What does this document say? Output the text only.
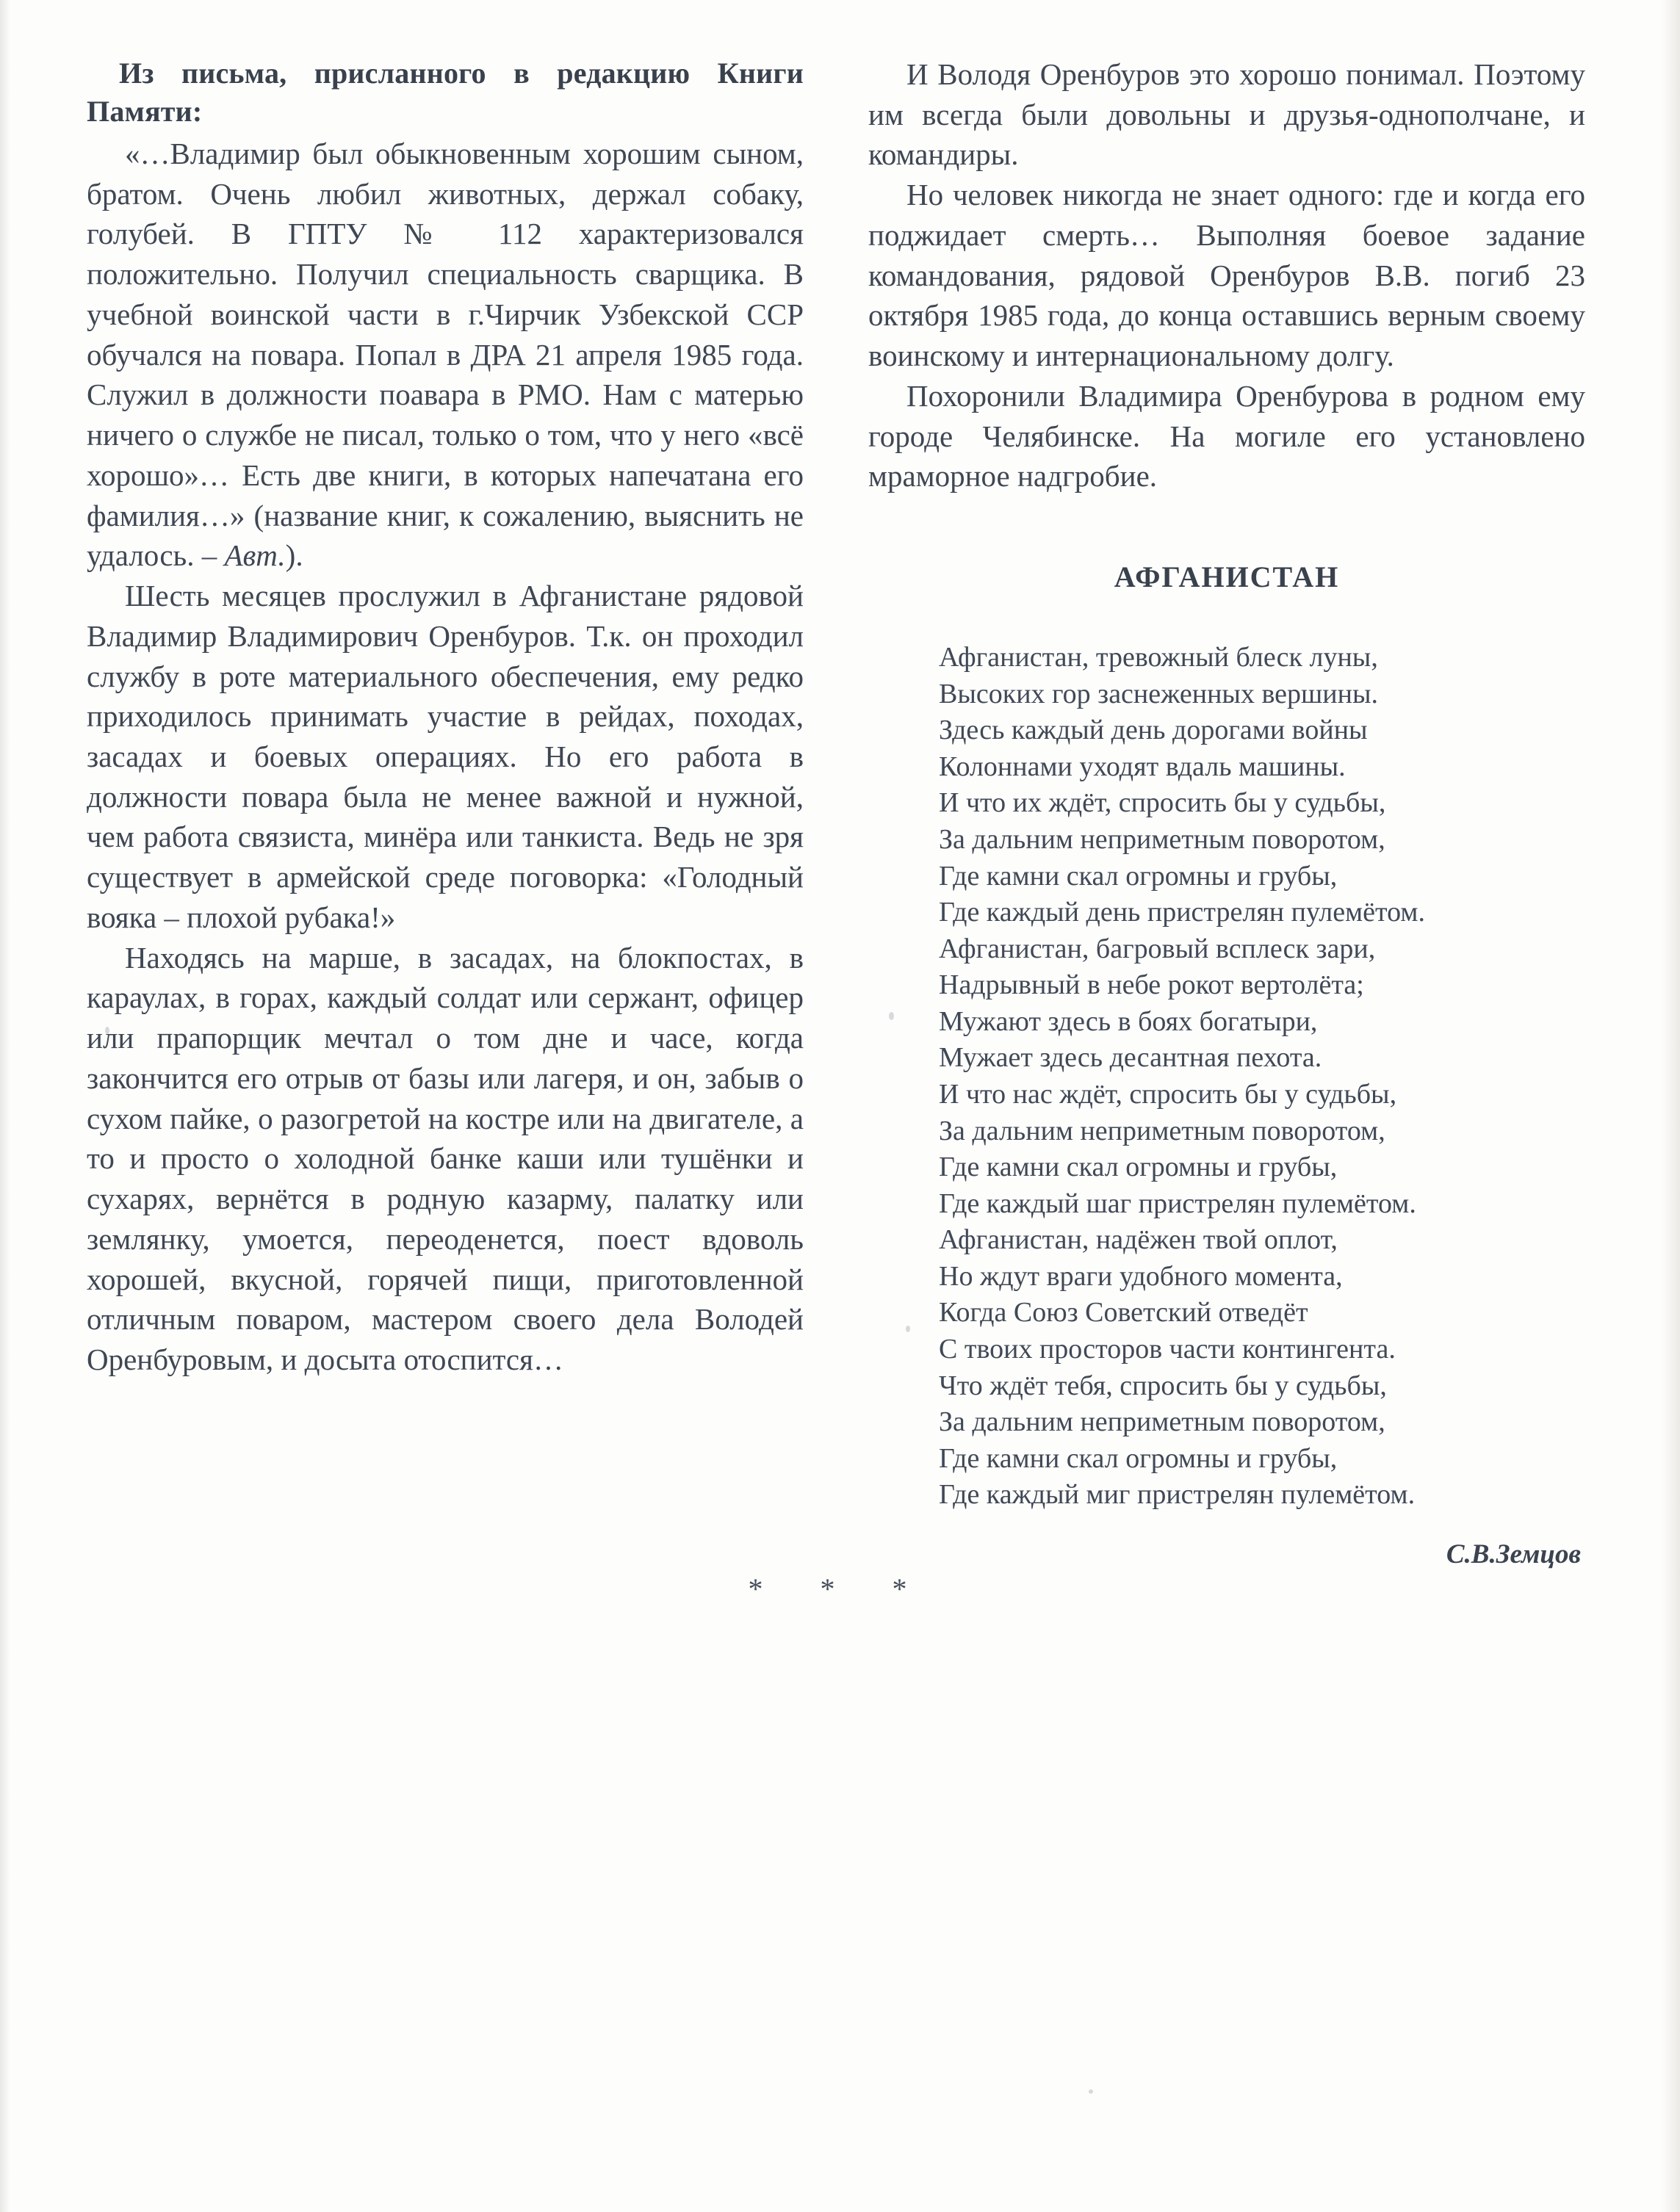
Из письма, присланного в редакцию Книги Памяти:

«…Владимир был обыкновенным хорошим сыном, братом. Очень любил животных, держал собаку, голубей. В ГПТУ № 112 характеризовался положительно. Получил специальность сварщика. В учебной воинской части в г.Чирчик Узбекской ССР обучался на повара. Попал в ДРА 21 апреля 1985 года. Служил в должности поавара в РМО. Нам с матерью ничего о службе не писал, только о том, что у него «всё хорошо»… Есть две книги, в которых напечатана его фамилия…» (название книг, к сожалению, выяснить не удалось. – Авт.).

Шесть месяцев прослужил в Афганистане рядовой Владимир Владимирович Оренбуров. Т.к. он проходил службу в роте материального обеспечения, ему редко приходилось принимать участие в рейдах, походах, засадах и боевых операциях. Но его работа в должности повара была не менее важной и нужной, чем работа связиста, минёра или танкиста. Ведь не зря существует в армейской среде поговорка: «Голодный вояка – плохой рубака!»

Находясь на марше, в засадах, на блокпостах, в караулах, в горах, каждый солдат или сержант, офицер или прапорщик мечтал о том дне и часе, когда закончится его отрыв от базы или лагеря, и он, забыв о сухом пайке, о разогретой на костре или на двигателе, а то и просто о холодной банке каши или тушёнки и сухарях, вернётся в родную казарму, палатку или землянку, умоется, переоденется, поест вдоволь хорошей, вкусной, горячей пищи, приготовленной отличным поваром, мастером своего дела Володей Оренбуровым, и досыта отоспится…

И Володя Оренбуров это хорошо понимал. Поэтому им всегда были довольны и друзья-однополчане, и командиры.

Но человек никогда не знает одного: где и когда его поджидает смерть… Выполняя боевое задание командования, рядовой Оренбуров В.В. погиб 23 октября 1985 года, до конца оставшись верным своему воинскому и интернациональному долгу.

Похоронили Владимира Оренбурова в родном ему городе Челябинске. На могиле его установлено мраморное надгробие.

АФГАНИСТАН
Афганистан, тревожный блеск луны,
Высоких гор заснеженных вершины.
Здесь каждый день дорогами войны
Колоннами уходят вдаль машины.
И что их ждёт, спросить бы у судьбы,
За дальним неприметным поворотом,
Где камни скал огромны и грубы,
Где каждый день пристрелян пулемётом.
Афганистан, багровый всплеск зари,
Надрывный в небе рокот вертолёта;
Мужают здесь в боях богатыри,
Мужает здесь десантная пехота.
И что нас ждёт, спросить бы у судьбы,
За дальним неприметным поворотом,
Где камни скал огромны и грубы,
Где каждый шаг пристрелян пулемётом.
Афганистан, надёжен твой оплот,
Но ждут враги удобного момента,
Когда Союз Советский отведёт
С твоих просторов части контингента.
Что ждёт тебя, спросить бы у судьбы,
За дальним неприметным поворотом,
Где камни скал огромны и грубы,
Где каждый миг пристрелян пулемётом.
С.В.Земцов
* * *
